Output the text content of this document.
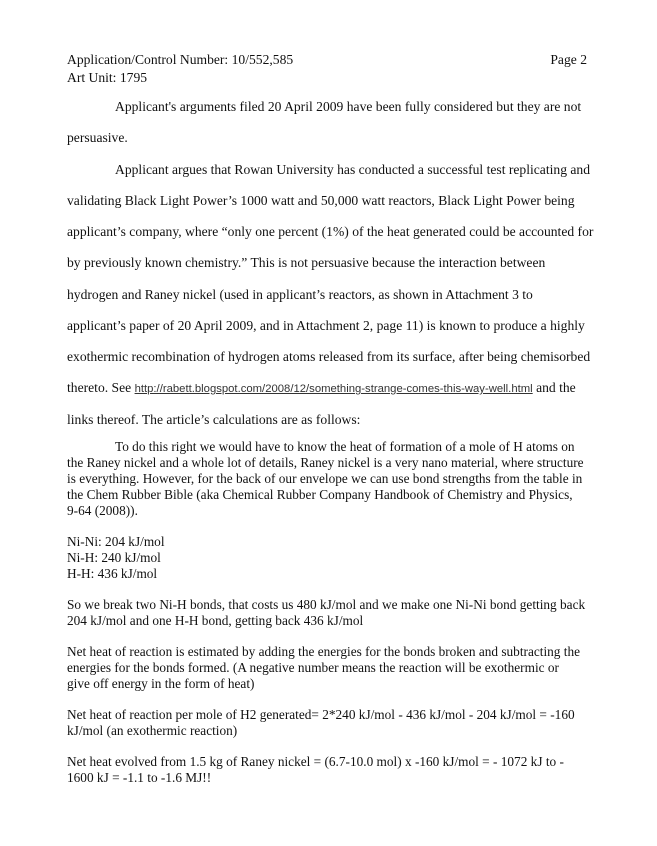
Application/Control Number: 10/552,585
Art Unit: 1795
Page 2
Applicant's arguments filed 20 April 2009 have been fully considered but they are not
persuasive.
Applicant argues that Rowan University has conducted a successful test replicating and
validating Black Light Power’s 1000 watt and 50,000 watt reactors, Black Light Power being
applicant’s company, where “only one percent (1%) of the heat generated could be accounted for
by previously known chemistry.” This is not persuasive because the interaction between
hydrogen and Raney nickel (used in applicant’s reactors, as shown in Attachment 3 to
applicant’s paper of 20 April 2009, and in Attachment 2, page 11) is known to produce a highly
exothermic recombination of hydrogen atoms released from its surface, after being chemisorbed
thereto. See http://rabett.blogspot.com/2008/12/something-strange-comes-this-way-well.html and the
links thereof. The article’s calculations are as follows:
To do this right we would have to know the heat of formation of a mole of H atoms on
the Raney nickel and a whole lot of details, Raney nickel is a very nano material, where structure
is everything. However, for the back of our envelope we can use bond strengths from the table in
the Chem Rubber Bible (aka Chemical Rubber Company Handbook of Chemistry and Physics,
9-64 (2008)).
Ni-Ni: 204 kJ/mol
Ni-H: 240 kJ/mol
H-H: 436 kJ/mol
So we break two Ni-H bonds, that costs us 480 kJ/mol and we make one Ni-Ni bond getting back
204 kJ/mol and one H-H bond, getting back 436 kJ/mol
Net heat of reaction is estimated by adding the energies for the bonds broken and subtracting the
energies for the bonds formed. (A negative number means the reaction will be exothermic or
give off energy in the form of heat)
Net heat of reaction per mole of H2 generated= 2*240 kJ/mol - 436 kJ/mol - 204 kJ/mol = -160
kJ/mol (an exothermic reaction)
Net heat evolved from 1.5 kg of Raney nickel = (6.7-10.0 mol) x -160 kJ/mol = - 1072 kJ to -
1600 kJ = -1.1 to -1.6 MJ!!
